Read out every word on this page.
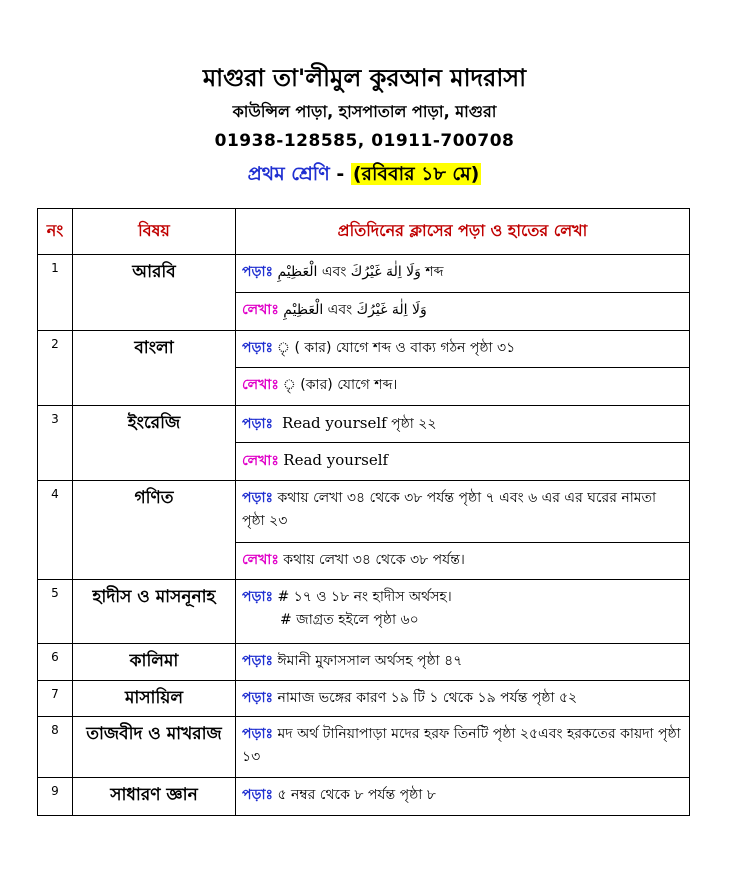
মাগুরা তা'লীমুল কুরআন মাদরাসা
কাউন্সিল পাড়া, হাসপাতাল পাড়া, মাগুরা
01938-128585, 01911-700708
প্রথম শ্রেণি - (রবিবার ১৮ মে)
নং	বিষয়	প্রতিদিনের ক্লাসের পড়া ও হাতের লেখা
1	আরবি	পড়াঃ الْعَظِيْمِ এবং وَلَا اِلٰهَ غَيْرُكَ শব্দ
		লেখাঃ الْعَظِيْمِ এবং وَلَا اِلٰهَ غَيْرُكَ
2	বাংলা	পড়াঃ ৃ ( কার) যোগে শব্দ ও বাক্য গঠন পৃষ্ঠা ৩১
		লেখাঃ ৃ (কার) যোগে শব্দ।
3	ইংরেজি	পড়াঃ Read yourself পৃষ্ঠা ২২
		লেখাঃ Read yourself
4	গণিত	পড়াঃ কথায় লেখা ৩৪ থেকে ৩৮ পর্যন্ত পৃষ্ঠা ৭ এবং ৬ এর এর ঘরের নামতা পৃষ্ঠা ২৩
		লেখাঃ কথায় লেখা ৩৪ থেকে ৩৮ পর্যন্ত।
5	হাদীস ও মাসনূনাহ	পড়াঃ # ১৭ ও ১৮ নং হাদীস অর্থসহ।
# জাগ্রত হইলে পৃষ্ঠা ৬০

6	কালিমা	পড়াঃ ঈমানী মুফাসসাল অর্থসহ পৃষ্ঠা ৪৭
7	মাসায়িল	পড়াঃ নামাজ ভঙ্গের কারণ ১৯ টি ১ থেকে ১৯ পর্যন্ত পৃষ্ঠা ৫২
8	তাজবীদ ও মাখরাজ	পড়াঃ মদ অর্থ টানিয়াপাড়া মদের হরফ তিনটি পৃষ্ঠা ২৫এবং হরকতের কায়দা পৃষ্ঠা ১৩
9	সাধারণ জ্ঞান	পড়াঃ ৫ নম্বর থেকে ৮ পর্যন্ত পৃষ্ঠা ৮
